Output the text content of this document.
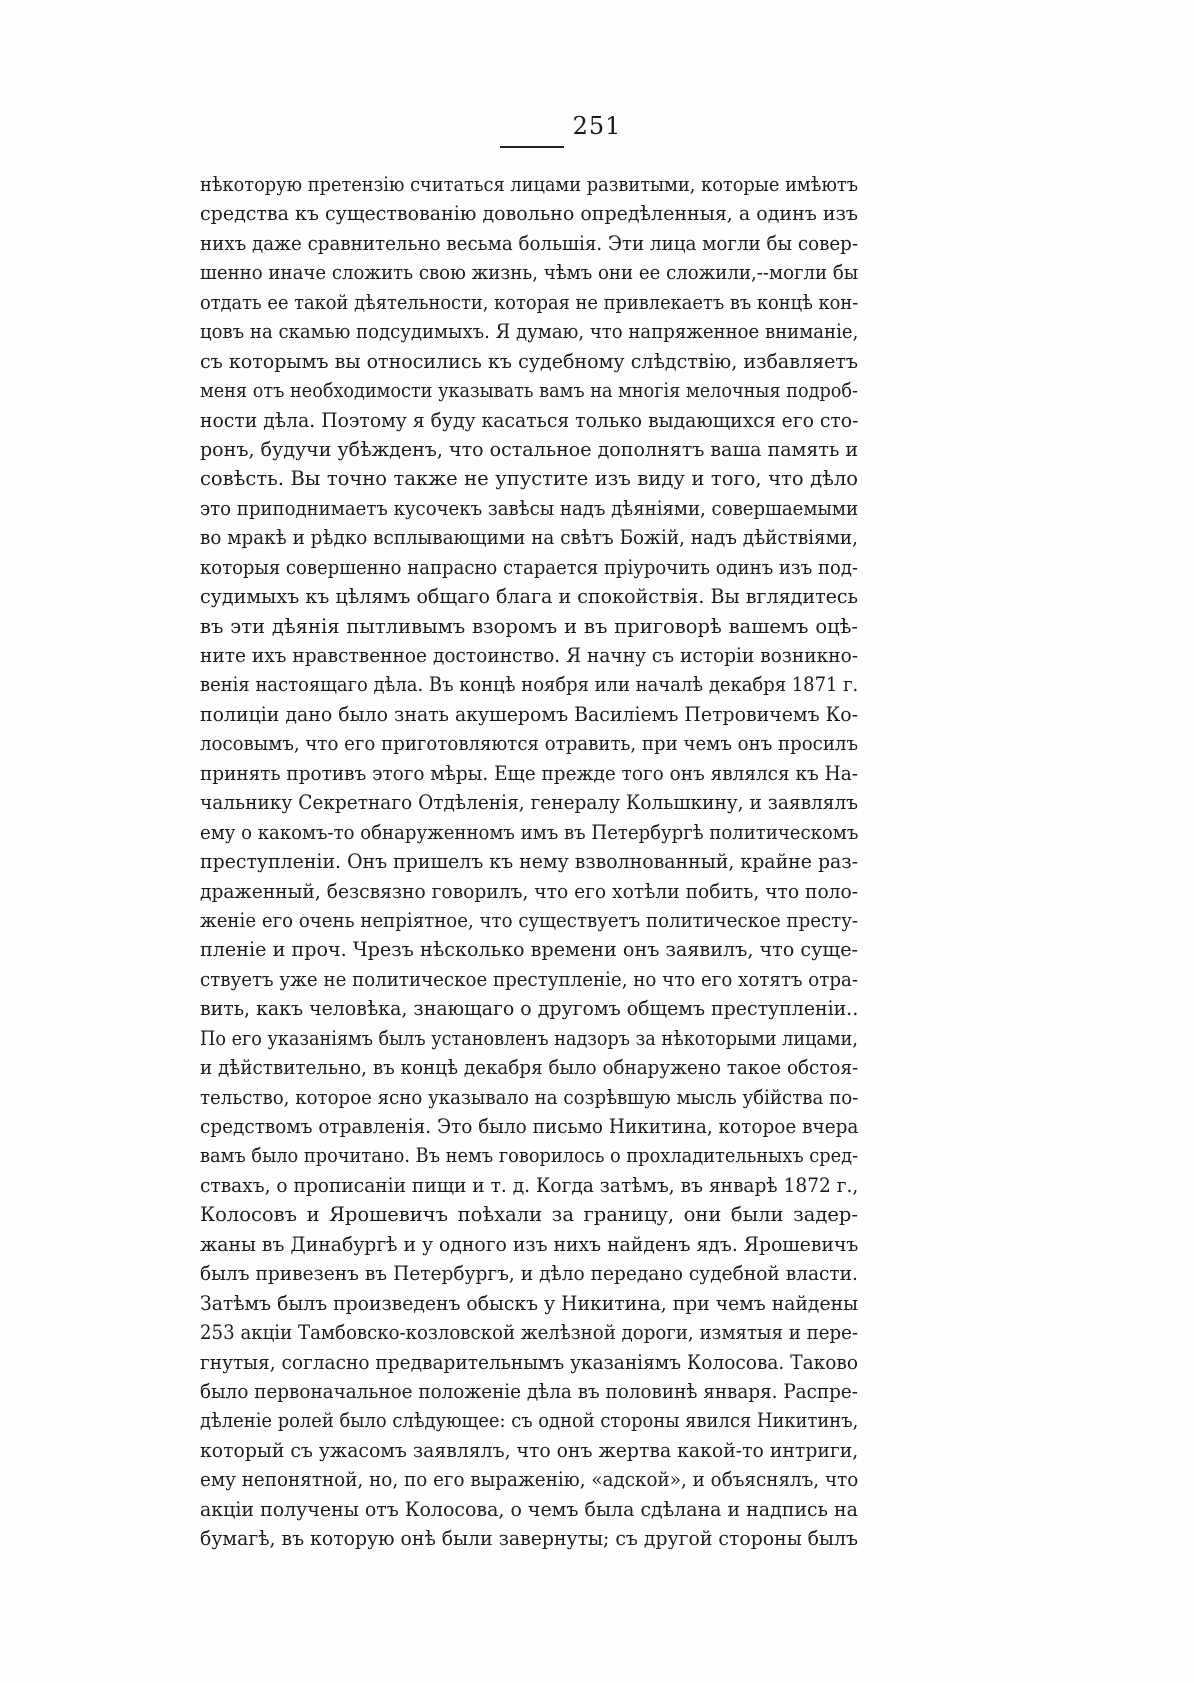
251
нѣкоторую претензію считаться лицами развитыми, которые имѣютъ
средства къ существованію довольно опредѣленныя, а одинъ изъ
нихъ даже сравнительно весьма большія. Эти лица могли бы совер-
шенно иначе сложить свою жизнь, чѣмъ они ее сложили,--могли бы
отдать ее такой дѣятельности, которая не привлекаетъ въ концѣ кон-
цовъ на скамью подсудимыхъ. Я думаю, что напряженное вниманіе,
съ которымъ вы относились къ судебному слѣдствію, избавляетъ
меня отъ необходимости указывать вамъ на многія мелочныя подроб-
ности дѣла. Поэтому я буду касаться только выдающихся его сто-
ронъ, будучи убѣжденъ, что остальное дополнятъ ваша память и
совѣсть. Вы точно также не упустите изъ виду и того, что дѣло
это приподнимаетъ кусочекъ завѣсы надъ дѣяніями, совершаемыми
во мракѣ и рѣдко всплывающими на свѣтъ Божій, надъ дѣйствіями,
которыя совершенно напрасно старается пріурочить одинъ изъ под-
судимыхъ къ цѣлямъ общаго блага и спокойствія. Вы вглядитесь
въ эти дѣянія пытливымъ взоромъ и въ приговорѣ вашемъ оцѣ-
ните ихъ нравственное достоинство. Я начну съ исторіи возникно-
венія настоящаго дѣла. Въ концѣ ноября или началѣ декабря 1871 г.
полиціи дано было знать акушеромъ Василіемъ Петровичемъ Ко-
лосовымъ, что его приготовляются отравить, при чемъ онъ просилъ
принять противъ этого мѣры. Еще прежде того онъ являлся къ На-
чальнику Секретнаго Отдѣленія, генералу Кольшкину, и заявлялъ
ему о какомъ-то обнаруженномъ имъ въ Петербургѣ политическомъ
преступленіи. Онъ пришелъ къ нему взволнованный, крайне раз-
драженный, безсвязно говорилъ, что его хотѣли побить, что поло-
женіе его очень непріятное, что существуетъ политическое престу-
пленіе и проч. Чрезъ нѣсколько времени онъ заявилъ, что суще-
ствуетъ уже не политическое преступленіе, но что его хотятъ отра-
вить, какъ человѣка, знающаго о другомъ общемъ преступленіи..
По его указаніямъ былъ установленъ надзоръ за нѣкоторыми лицами,
и дѣйствительно, въ концѣ декабря было обнаружено такое обстоя-
тельство, которое ясно указывало на созрѣвшую мысль убійства по-
средствомъ отравленія. Это было письмо Никитина, которое вчера
вамъ было прочитано. Въ немъ говорилось о прохладительныхъ сред-
ствахъ, о прописаніи пищи и т. д. Когда затѣмъ, въ январѣ 1872 г.,
Колосовъ и Ярошевичъ поѣхали за границу, они были задер-
жаны въ Динабургѣ и у одного изъ нихъ найденъ ядъ. Ярошевичъ
былъ привезенъ въ Петербургъ, и дѣло передано судебной власти.
Затѣмъ былъ произведенъ обыскъ у Никитина, при чемъ найдены
253 акціи Тамбовско-козловской желѣзной дороги, измятыя и пере-
гнутыя, согласно предварительнымъ указаніямъ Колосова. Таково
было первоначальное положеніе дѣла въ половинѣ января. Распре-
дѣленіе ролей было слѣдующее: съ одной стороны явился Никитинъ,
который съ ужасомъ заявлялъ, что онъ жертва какой-то интриги,
ему непонятной, но, по его выраженію, «адской», и объяснялъ, что
акціи получены отъ Колосова, о чемъ была сдѣлана и надпись на
бумагѣ, въ которую онѣ были завернуты; съ другой стороны былъ
